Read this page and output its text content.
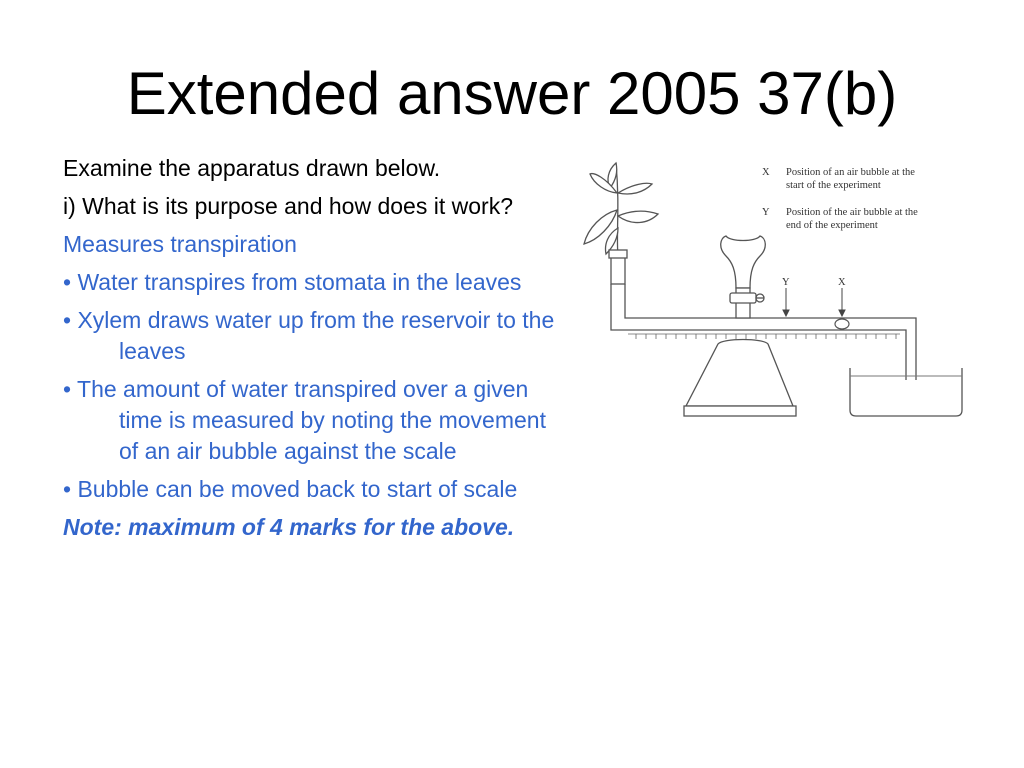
Extended answer 2005 37(b)

Examine the apparatus drawn below.

i) What is its purpose and how does it work?

Measures transpiration

• Water transpires from stomata in the leaves

• Xylem draws water up from the reservoir to the leaves

• The amount of water transpired over a given time is measured by noting the movement of an air bubble against the scale

• Bubble can be moved back to start of scale

Note: maximum of 4 marks for the above.

X Position of an air bubble at the
start of the experiment
Y Position of the air bubble at the
end of the experiment
Y	X
